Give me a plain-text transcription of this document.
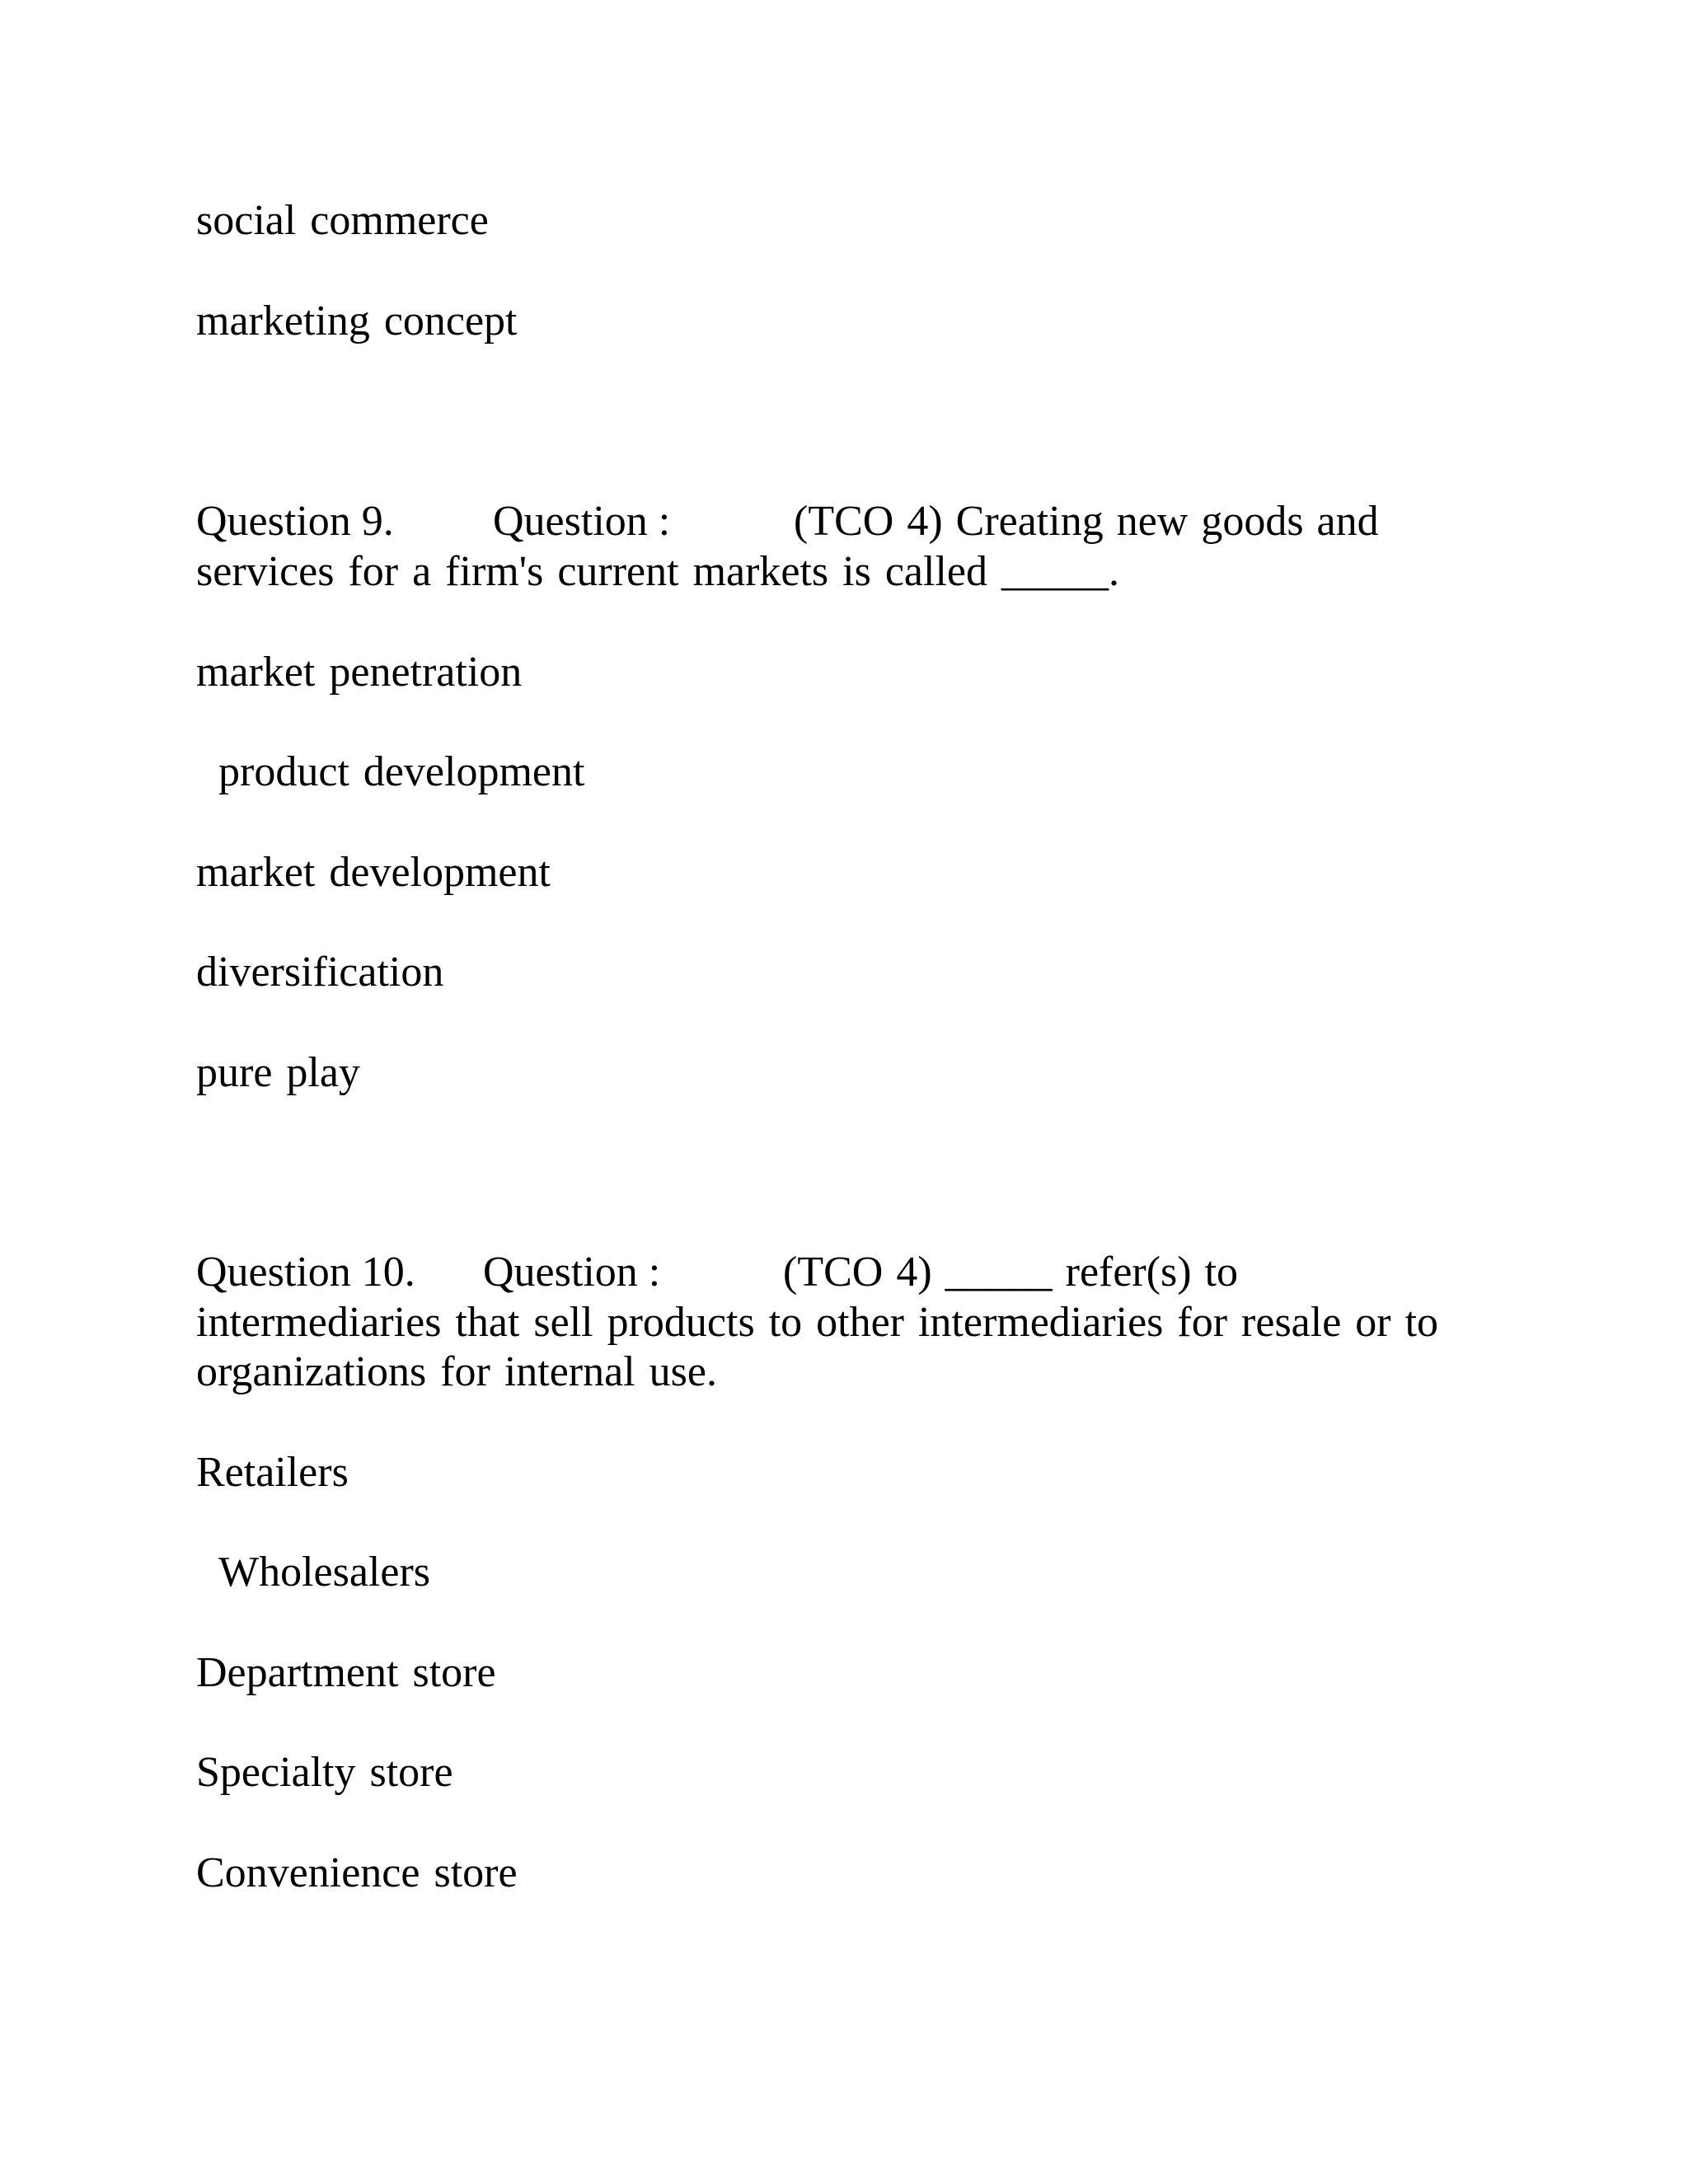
social commerce
marketing concept

Question 9.

Question :

	(TCO 4) Creating new goods and

services for a firm's current markets is called _____.
market penetration
product development
market development
diversification
pure play

Question 10.

Question :

	(TCO 4) _____ refer(s) to

intermediaries that sell products to other intermediaries for resale or to
organizations for internal use.
Retailers
Wholesalers
Department store
Specialty store
Convenience store
